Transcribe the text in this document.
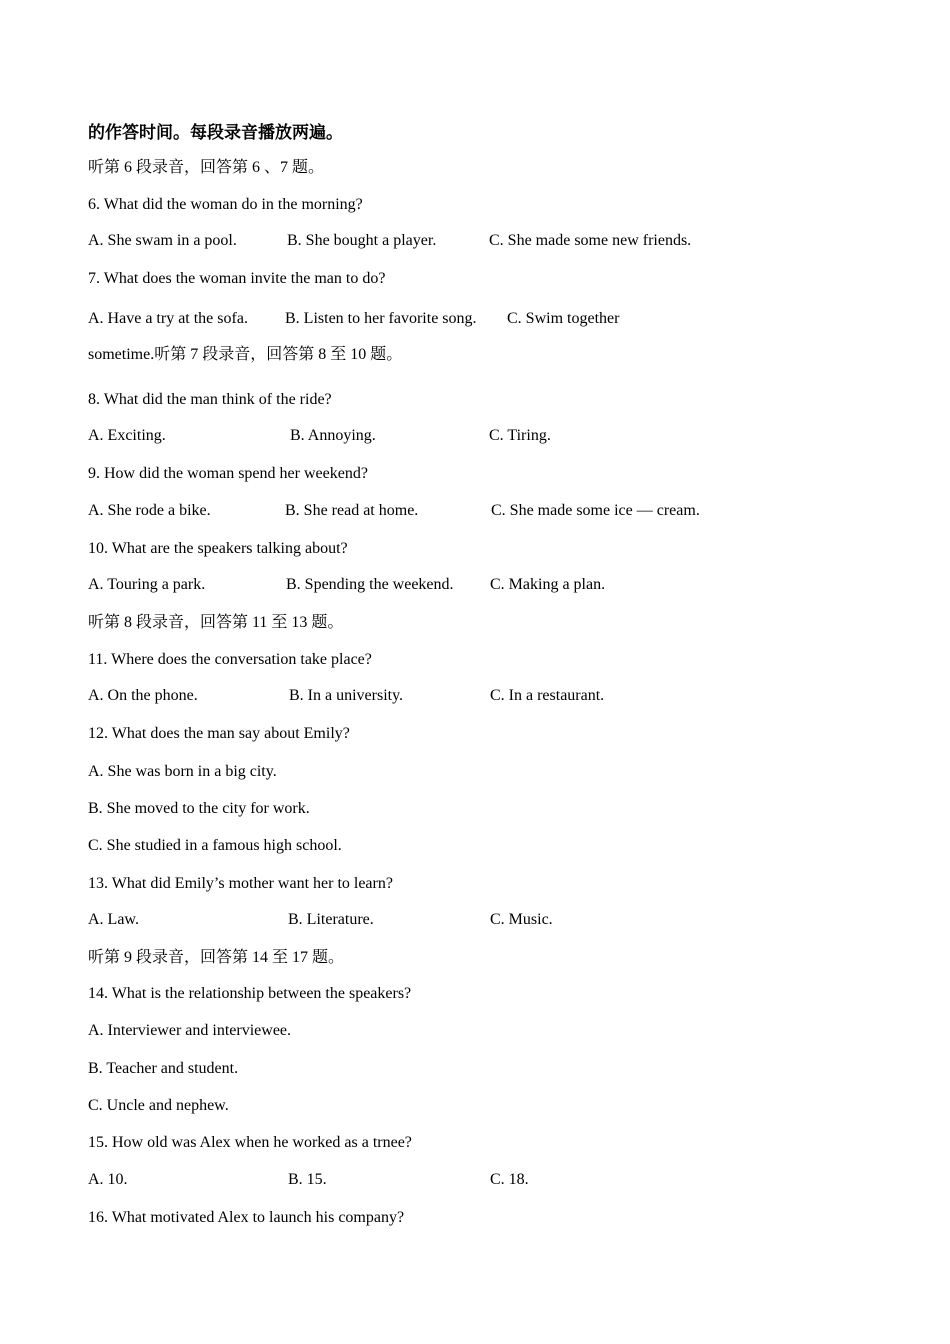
的作答时间。每段录音播放两遍。
听第 6 段录音，回答第 6 、7 题。
6. What did the woman do in the morning?
A. She swam in a pool.	B. She bought a player.	C. She made some new friends.
7. What does the woman invite the man to do?
A. Have a try at the sofa. B. Listen to her favorite song. C. Swim together
sometime.听第 7 段录音，回答第 8 至 10 题。
8. What did the man think of the ride?
A. Exciting.	B. Annoying.	C. Tiring.
9. How did the woman spend her weekend?
A. She rode a bike.	B. She read at home.	C. She made some ice — cream.
10. What are the speakers talking about?
A. Touring a park.	B. Spending the weekend. C. Making a plan.
听第 8 段录音，回答第 11 至 13 题。
11. Where does the conversation take place?
A. On the phone.	B. In a university.	C. In a restaurant.
12. What does the man say about Emily?
A. She was born in a big city.
B. She moved to the city for work.
C. She studied in a famous high school.
13. What did Emily’s mother want her to learn?
A. Law.	B. Literature.	C. Music.
听第 9 段录音，回答第 14 至 17 题。
14. What is the relationship between the speakers?
A. Interviewer and interviewee.
B. Teacher and student.
C. Uncle and nephew.
15. How old was Alex when he worked as a trnee?
A. 10.	B. 15.	C. 18.
16. What motivated Alex to launch his company?
